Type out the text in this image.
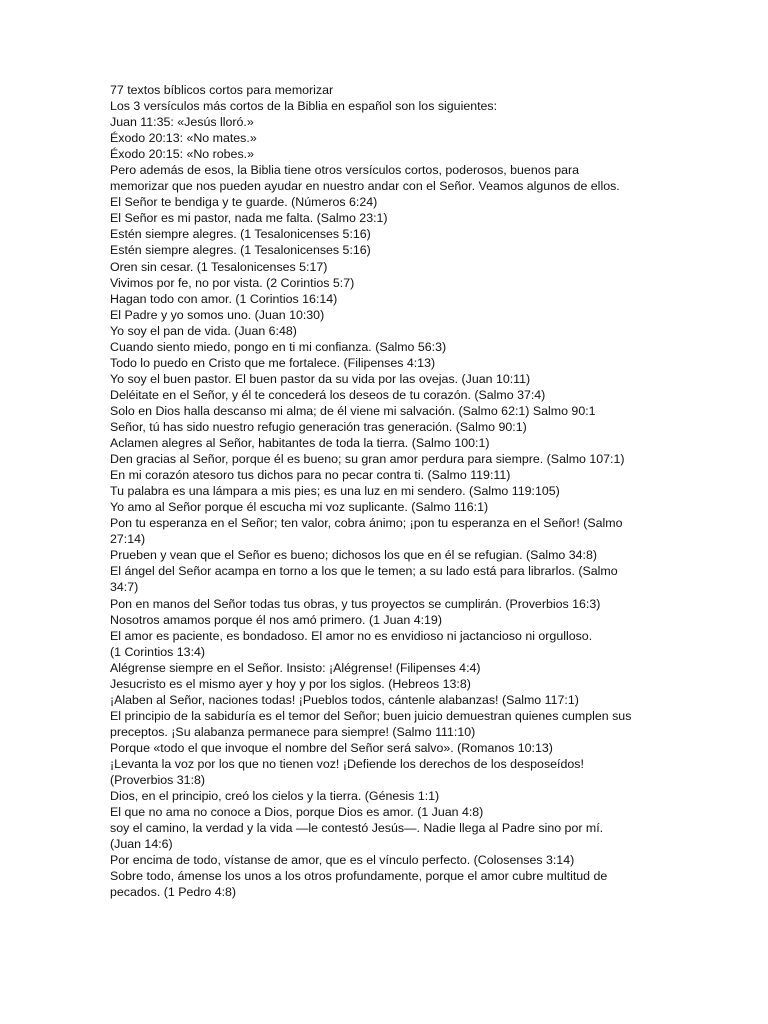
77 textos bíblicos cortos para memorizar
Los 3 versículos más cortos de la Biblia en español son los siguientes:
Juan 11:35: «Jesús lloró.»
Éxodo 20:13: «No mates.»
Éxodo 20:15: «No robes.»
Pero además de esos, la Biblia tiene otros versículos cortos, poderosos, buenos para
memorizar que nos pueden ayudar en nuestro andar con el Señor. Veamos algunos de ellos.
El Señor te bendiga y te guarde. (Números 6:24)
El Señor es mi pastor, nada me falta. (Salmo 23:1)
Estén siempre alegres. (1 Tesalonicenses 5:16)
Estén siempre alegres. (1 Tesalonicenses 5:16)
Oren sin cesar. (1 Tesalonicenses 5:17)
Vivimos por fe, no por vista. (2 Corintios 5:7)
Hagan todo con amor. (1 Corintios 16:14)
El Padre y yo somos uno. (Juan 10:30)
Yo soy el pan de vida. (Juan 6:48)
Cuando siento miedo, pongo en ti mi confianza. (Salmo 56:3)
Todo lo puedo en Cristo que me fortalece. (Filipenses 4:13)
Yo soy el buen pastor. El buen pastor da su vida por las ovejas. (Juan 10:11)
Deléitate en el Señor, y él te concederá los deseos de tu corazón. (Salmo 37:4)
Solo en Dios halla descanso mi alma; de él viene mi salvación. (Salmo 62:1) Salmo 90:1
Señor, tú has sido nuestro refugio generación tras generación. (Salmo 90:1)
Aclamen alegres al Señor, habitantes de toda la tierra. (Salmo 100:1)
Den gracias al Señor, porque él es bueno; su gran amor perdura para siempre. (Salmo 107:1)
En mi corazón atesoro tus dichos para no pecar contra ti. (Salmo 119:11)
Tu palabra es una lámpara a mis pies; es una luz en mi sendero. (Salmo 119:105)
Yo amo al Señor porque él escucha mi voz suplicante. (Salmo 116:1)
Pon tu esperanza en el Señor; ten valor, cobra ánimo; ¡pon tu esperanza en el Señor! (Salmo
27:14)
Prueben y vean que el Señor es bueno; dichosos los que en él se refugian. (Salmo 34:8)
El ángel del Señor acampa en torno a los que le temen; a su lado está para librarlos. (Salmo
34:7)
Pon en manos del Señor todas tus obras, y tus proyectos se cumplirán. (Proverbios 16:3)
Nosotros amamos porque él nos amó primero. (1 Juan 4:19)
El amor es paciente, es bondadoso. El amor no es envidioso ni jactancioso ni orgulloso.
(1 Corintios 13:4)
Alégrense siempre en el Señor. Insisto: ¡Alégrense! (Filipenses 4:4)
Jesucristo es el mismo ayer y hoy y por los siglos. (Hebreos 13:8)
¡Alaben al Señor, naciones todas! ¡Pueblos todos, cántenle alabanzas! (Salmo 117:1)
El principio de la sabiduría es el temor del Señor; buen juicio demuestran quienes cumplen sus
preceptos. ¡Su alabanza permanece para siempre! (Salmo 111:10)
Porque «todo el que invoque el nombre del Señor será salvo». (Romanos 10:13)
¡Levanta la voz por los que no tienen voz! ¡Defiende los derechos de los desposeídos!
(Proverbios 31:8)
Dios, en el principio, creó los cielos y la tierra. (Génesis 1:1)
El que no ama no conoce a Dios, porque Dios es amor. (1 Juan 4:8)
soy el camino, la verdad y la vida —le contestó Jesús—. Nadie llega al Padre sino por mí.
(Juan 14:6)
Por encima de todo, vístanse de amor, que es el vínculo perfecto. (Colosenses 3:14)
Sobre todo, ámense los unos a los otros profundamente, porque el amor cubre multitud de
pecados. (1 Pedro 4:8)
